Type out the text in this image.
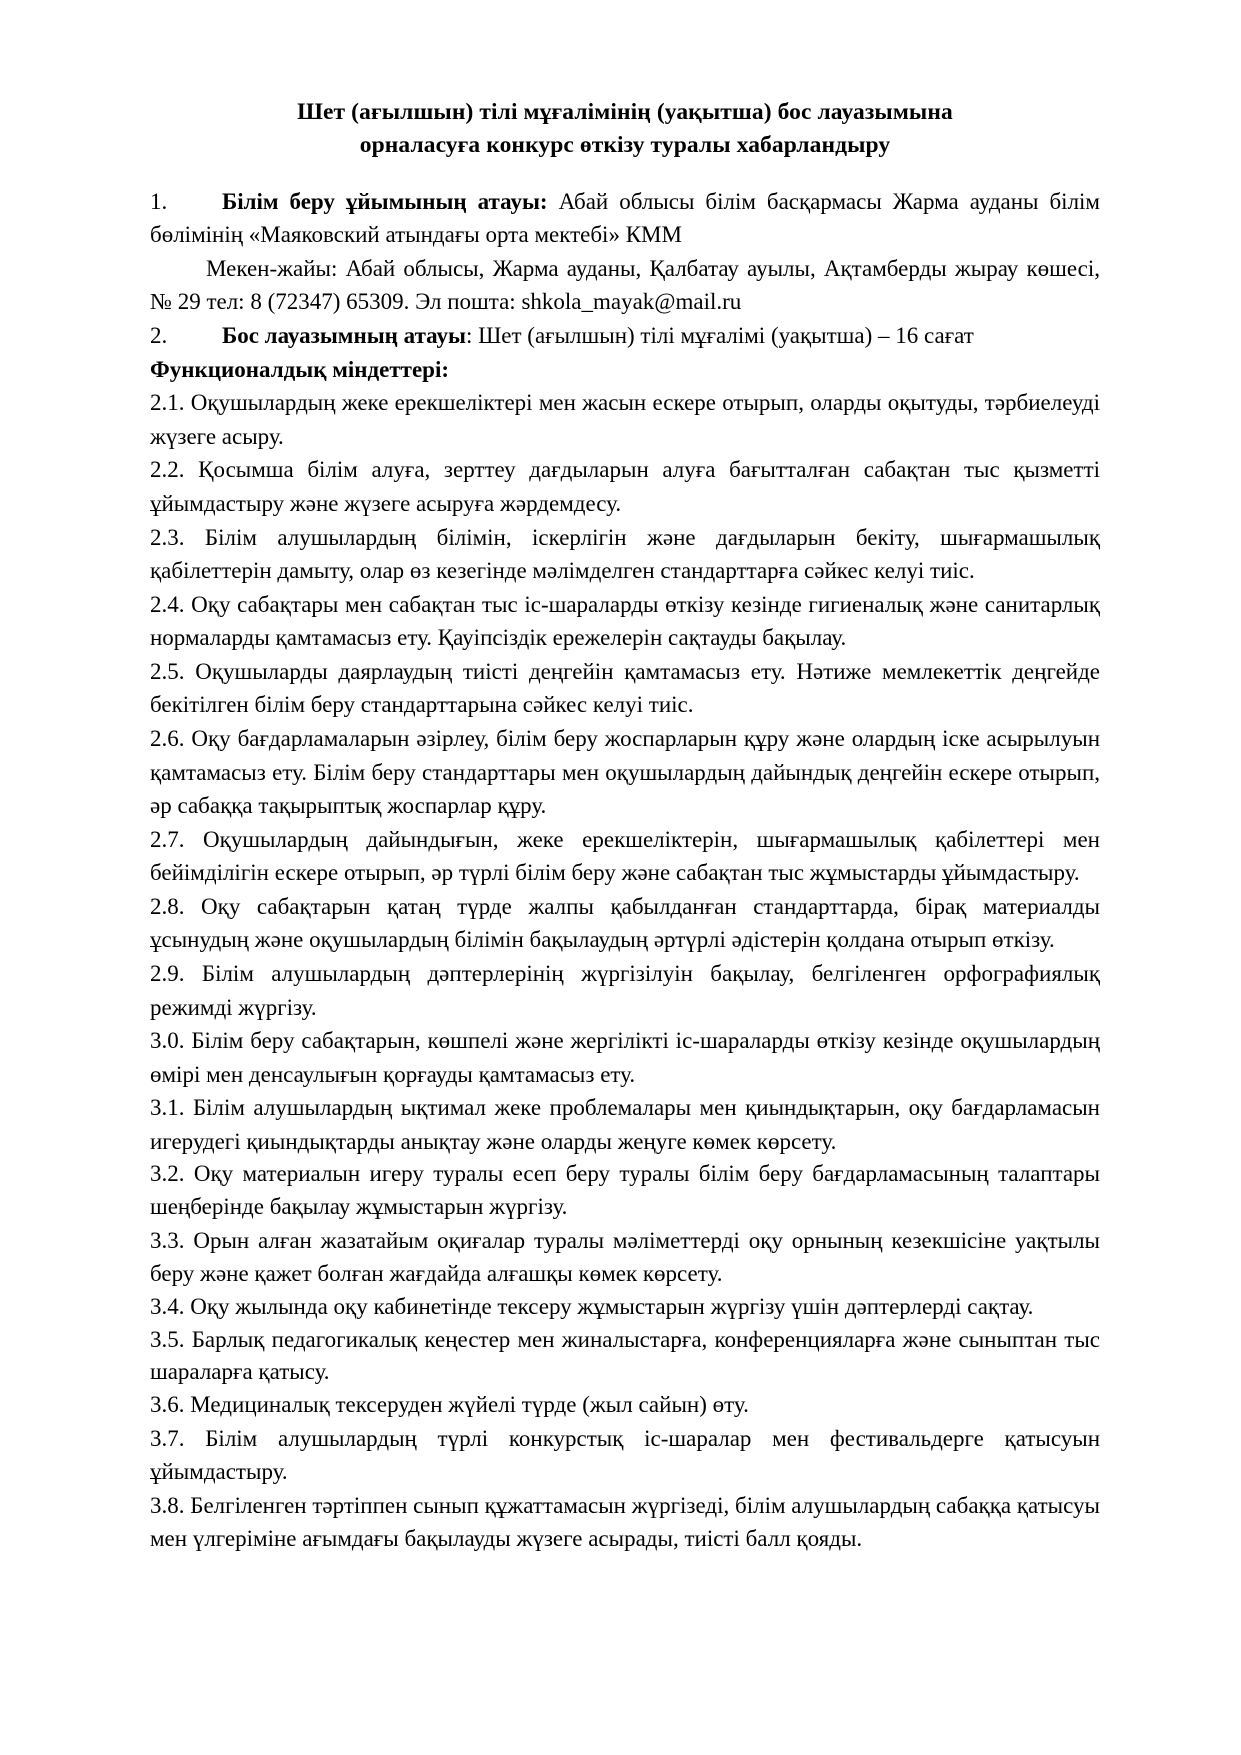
Шет (ағылшын) тілі мұғалімінің (уақытша) бос лауазымына
орналасуға конкурс өткізу туралы хабарландыру

1. Білім беру ұйымының атауы: Абай облысы білім басқармасы Жарма ауданы білім бөлімінің «Маяковский атындағы орта мектебі» КММ

Мекен-жайы: Абай облысы, Жарма ауданы, Қалбатау ауылы, Ақтамберды жырау көшесі, № 29 тел: 8 (72347) 65309. Эл пошта: shkola_mayak@mail.ru

2. Бос лауазымның атауы: Шет (ағылшын) тілі мұғалімі (уақытша) – 16 сағат

Функционалдық міндеттері:

2.1. Оқушылардың жеке ерекшеліктері мен жасын ескере отырып, оларды оқытуды, тәрбиелеуді жүзеге асыру.

2.2. Қосымша білім алуға, зерттеу дағдыларын алуға бағытталған сабақтан тыс қызметті ұйымдастыру және жүзеге асыруға жәрдемдесу.

2.3. Білім алушылардың білімін, іскерлігін және дағдыларын бекіту, шығармашылық қабілеттерін дамыту, олар өз кезегінде мәлімделген стандарттарға сәйкес келуі тиіс.

2.4. Оқу сабақтары мен сабақтан тыс іс-шараларды өткізу кезінде гигиеналық және санитарлық нормаларды қамтамасыз ету. Қауіпсіздік ережелерін сақтауды бақылау.

2.5. Оқушыларды даярлаудың тиісті деңгейін қамтамасыз ету. Нәтиже мемлекеттік деңгейде бекітілген білім беру стандарттарына сәйкес келуі тиіс.

2.6. Оқу бағдарламаларын әзірлеу, білім беру жоспарларын құру және олардың іске асырылуын қамтамасыз ету. Білім беру стандарттары мен оқушылардың дайындық деңгейін ескере отырып, әр сабаққа тақырыптық жоспарлар құру.

2.7. Оқушылардың дайындығын, жеке ерекшеліктерін, шығармашылық қабілеттері мен бейімділігін ескере отырып, әр түрлі білім беру және сабақтан тыс жұмыстарды ұйымдастыру.

2.8. Оқу сабақтарын қатаң түрде жалпы қабылданған стандарттарда, бірақ материалды ұсынудың және оқушылардың білімін бақылаудың әртүрлі әдістерін қолдана отырып өткізу.

2.9. Білім алушылардың дәптерлерінің жүргізілуін бақылау, белгіленген орфографиялық режимді жүргізу.

3.0. Білім беру сабақтарын, көшпелі және жергілікті іс-шараларды өткізу кезінде оқушылардың өмірі мен денсаулығын қорғауды қамтамасыз ету.

3.1. Білім алушылардың ықтимал жеке проблемалары мен қиындықтарын, оқу бағдарламасын игерудегі қиындықтарды анықтау және оларды жеңуге көмек көрсету.

3.2. Оқу материалын игеру туралы есеп беру туралы білім беру бағдарламасының талаптары шеңберінде бақылау жұмыстарын жүргізу.

3.3. Орын алған жазатайым оқиғалар туралы мәліметтерді оқу орнының кезекшісіне уақтылы беру және қажет болған жағдайда алғашқы көмек көрсету.

3.4. Оқу жылында оқу кабинетінде тексеру жұмыстарын жүргізу үшін дәптерлерді сақтау.

3.5. Барлық педагогикалық кеңестер мен жиналыстарға, конференцияларға және сыныптан тыс шараларға қатысу.

3.6. Медициналық тексеруден жүйелі түрде (жыл сайын) өту.

3.7. Білім алушылардың түрлі конкурстық іс-шаралар мен фестивальдерге қатысуын ұйымдастыру.

3.8. Белгіленген тәртіппен сынып құжаттамасын жүргізеді, білім алушылардың сабаққа қатысуы мен үлгеріміне ағымдағы бақылауды жүзеге асырады, тиісті балл қояды.
